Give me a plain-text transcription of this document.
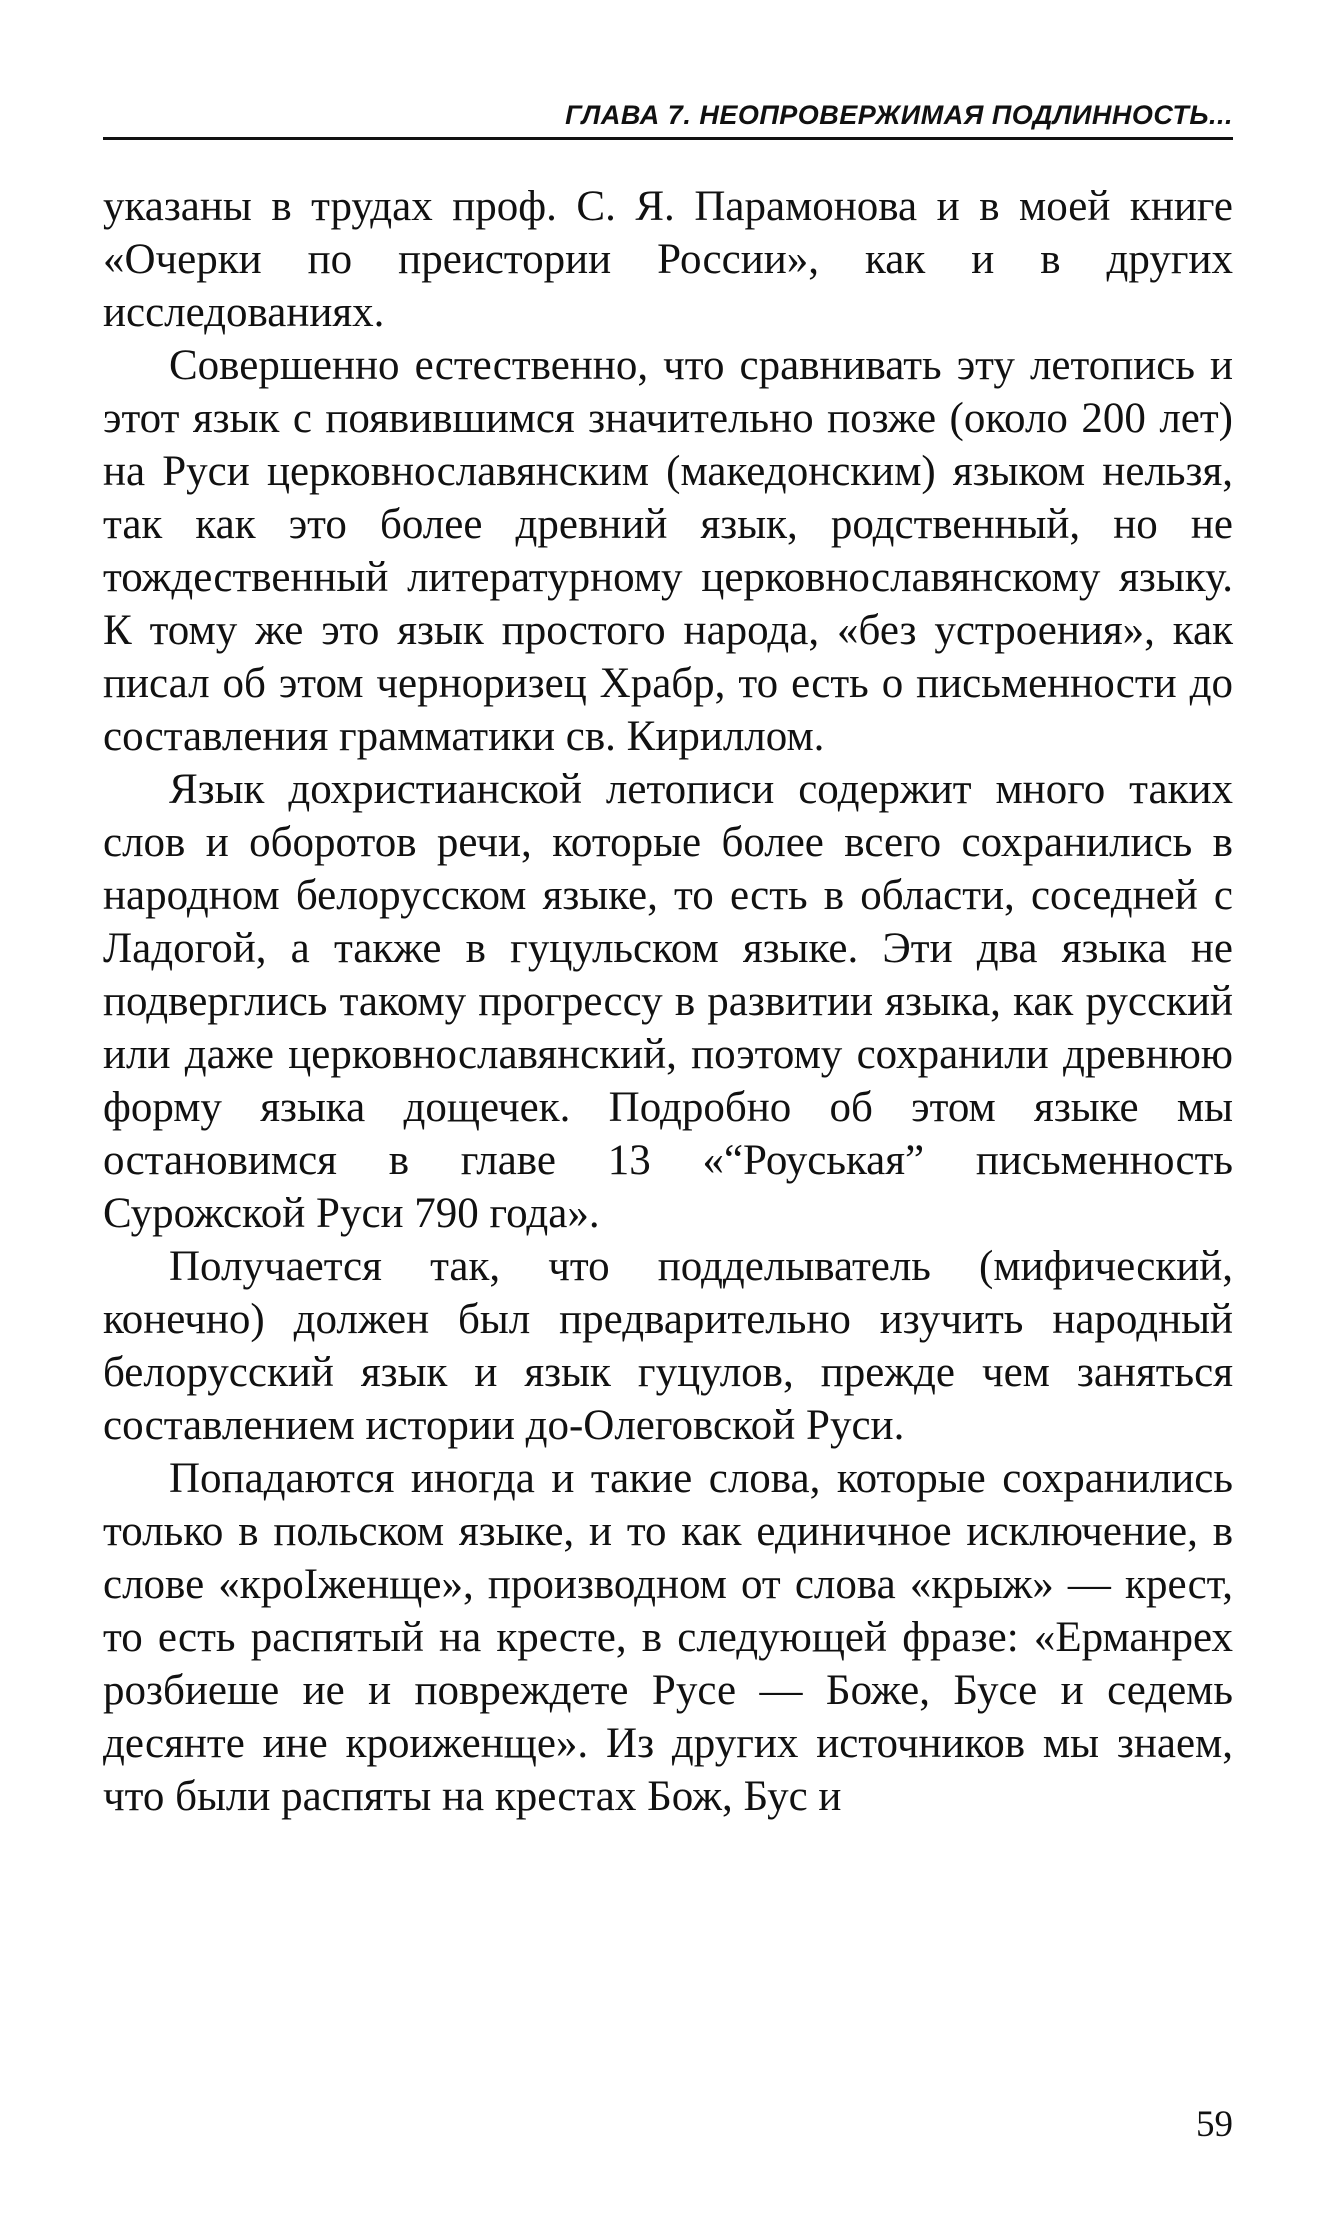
ГЛАВА 7. НЕОПРОВЕРЖИМАЯ ПОДЛИННОСТЬ...

указаны в трудах проф. С. Я. Парамонова и в моей книге «Очерки по преистории России», как и в других исследованиях.

Совершенно естественно, что сравнивать эту летопись и этот язык с появившимся значительно позже (около 200 лет) на Руси церковнославянским (македонским) языком нельзя, так как это более древний язык, родственный, но не тождественный литературному церковнославянскому языку. К тому же это язык простого народа, «без устроения», как писал об этом черноризец Храбр, то есть о письменности до составления грамматики св. Кириллом.

Язык дохристианской летописи содержит много таких слов и оборотов речи, которые более всего сохранились в народном белорусском языке, то есть в области, соседней с Ладогой, а также в гуцульском языке. Эти два языка не подверглись такому прогрессу в развитии языка, как русский или даже церковнославянский, поэтому сохранили древнюю форму языка дощечек. Подробно об этом языке мы остановимся в главе 13 «“Роуськая” письменность Сурожской Руси 790 года».

Получается так, что подделыватель (мифический, конечно) должен был предварительно изучить народный белорусский язык и язык гуцулов, прежде чем заняться составлением истории до-Олеговской Руси.

Попадаются иногда и такие слова, которые сохранились только в польском языке, и то как единичное исключение, в слове «кроІженще», производном от слова «крыж» — крест, то есть распятый на кресте, в следующей фразе: «Ерманрех розбиеше ие и повреждете Русе — Боже, Бусе и седемь десянте ине кроиженще». Из других источников мы знаем, что были распяты на крестах Бож, Бус и

59
